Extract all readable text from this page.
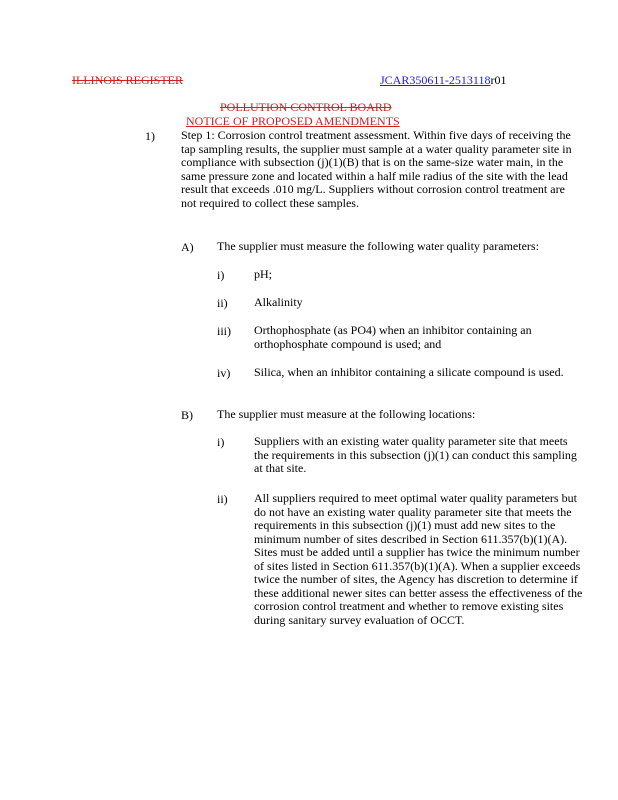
ILLINOIS REGISTER	JCAR350611-2513118r01
POLLUTION CONTROL BOARD
NOTICE OF PROPOSED AMENDMENTS
1) Step 1: Corrosion control treatment assessment. Within five days of receiving the tap sampling results, the supplier must sample at a water quality parameter site in compliance with subsection (j)(1)(B) that is on the same-size water main, in the same pressure zone and located within a half mile radius of the site with the lead result that exceeds .010 mg/L. Suppliers without corrosion control treatment are not required to collect these samples.
A) The supplier must measure the following water quality parameters:
i) pH;
ii) Alkalinity
iii) Orthophosphate (as PO4) when an inhibitor containing an orthophosphate compound is used; and
iv) Silica, when an inhibitor containing a silicate compound is used.
B) The supplier must measure at the following locations:
i) Suppliers with an existing water quality parameter site that meets the requirements in this subsection (j)(1) can conduct this sampling at that site.
ii) All suppliers required to meet optimal water quality parameters but do not have an existing water quality parameter site that meets the requirements in this subsection (j)(1) must add new sites to the minimum number of sites described in Section 611.357(b)(1)(A). Sites must be added until a supplier has twice the minimum number of sites listed in Section 611.357(b)(1)(A). When a supplier exceeds twice the number of sites, the Agency has discretion to determine if these additional newer sites can better assess the effectiveness of the corrosion control treatment and whether to remove existing sites during sanitary survey evaluation of OCCT.
